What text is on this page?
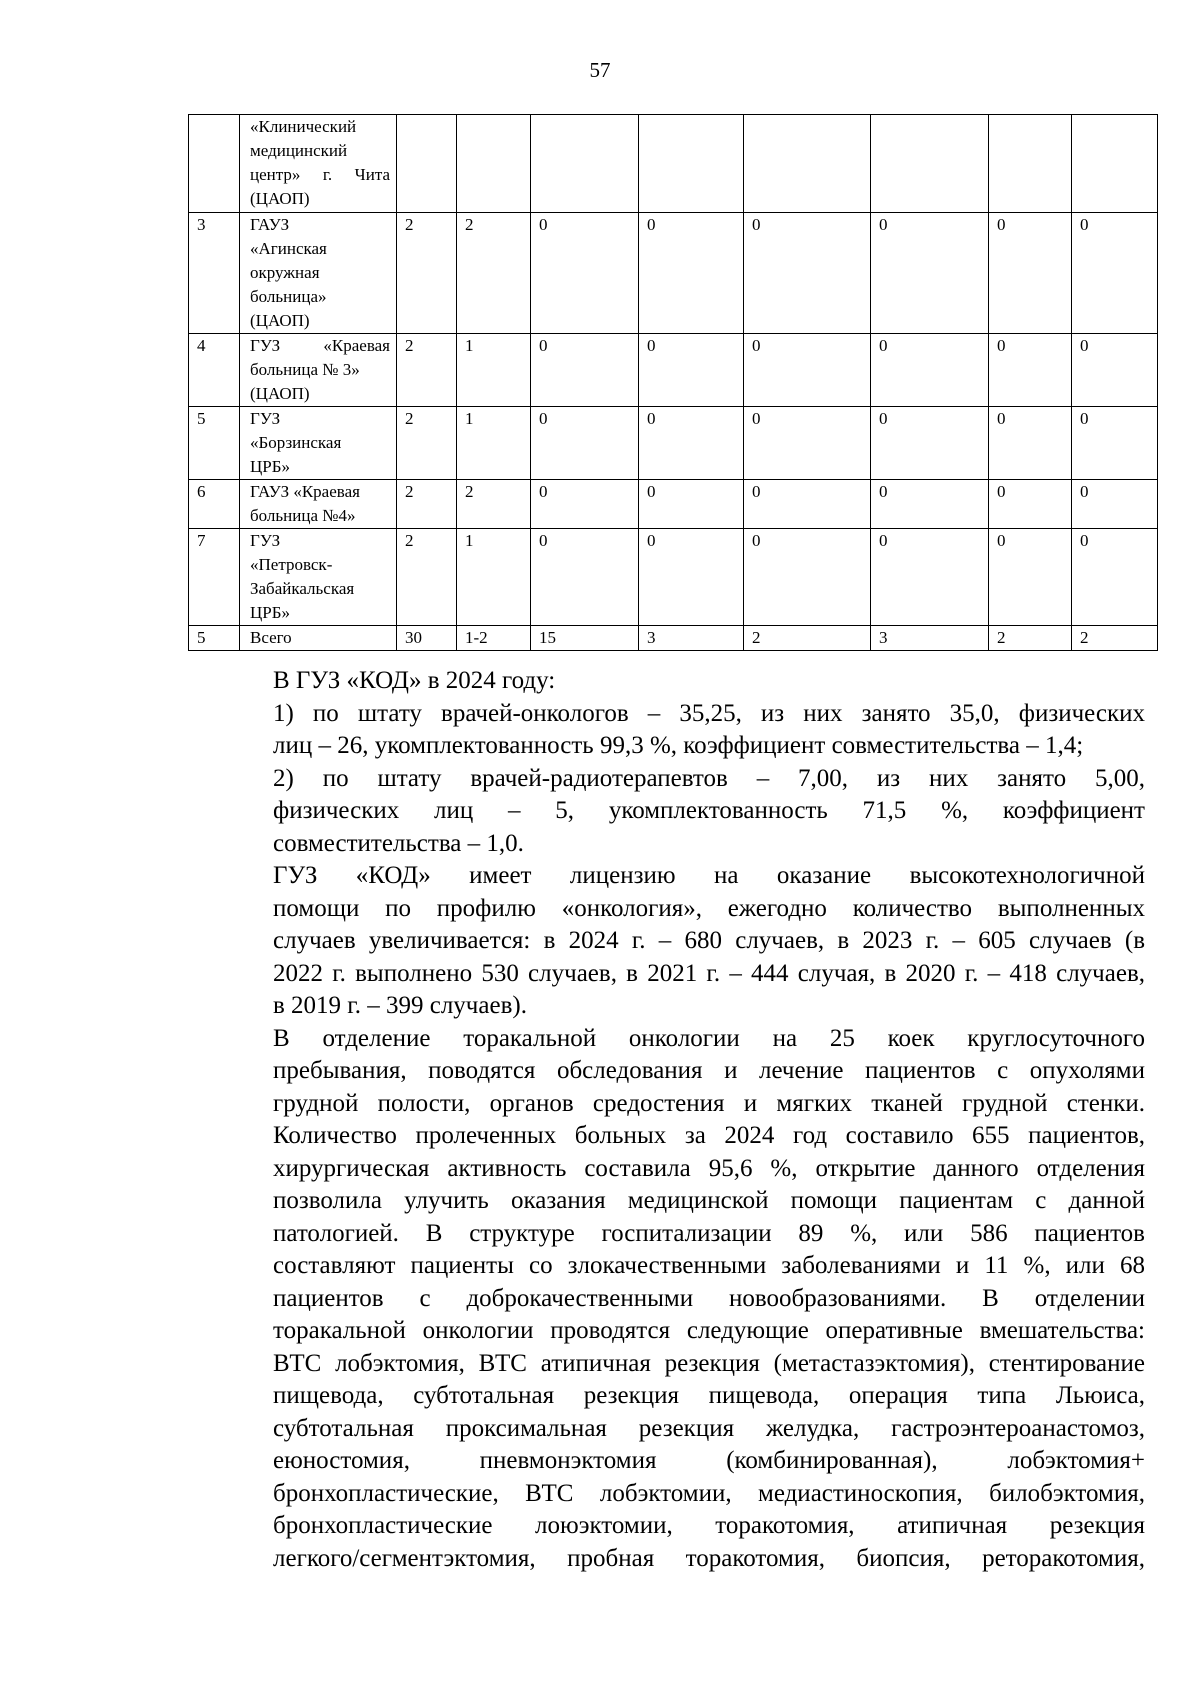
57

	«Клинический
медицинский
центр» г. Чита
(ЦАОП)								

3	ГАУЗ
«Агинская
окружная
больница»
(ЦАОП)	2	2	0	0	0	0	0	0
4	ГУЗ «Краевая
больница № 3»
(ЦАОП)	2	1	0	0	0	0	0	0
5	ГУЗ
«Борзинская
ЦРБ»	2	1	0	0	0	0	0	0
6	ГАУЗ «Краевая
больница №4»	2	2	0	0	0	0	0	0
7	ГУЗ
«Петровск-
Забайкальская
ЦРБ»	2	1	0	0	0	0	0	0
5	Всего	30	1-2	15	3	2	3	2	2

В ГУЗ «КОД» в 2024 году:

1) по штату врачей-онкологов – 35,25, из них занято 35,0, физических
лиц – 26, укомплектованность 99,3 %, коэффициент совместительства – 1,4;

2) по штату врачей-радиотерапевтов – 7,00, из них занято 5,00,
физических лиц – 5, укомплектованность 71,5 %, коэффициент
совместительства – 1,0.

ГУЗ «КОД» имеет лицензию на оказание высокотехнологичной
помощи по профилю «онкология», ежегодно количество выполненных
случаев увеличивается: в 2024 г. – 680 случаев, в 2023 г. – 605 случаев (в
2022 г. выполнено 530 случаев, в 2021 г. – 444 случая, в 2020 г. – 418 случаев,
в 2019 г. – 399 случаев).

В отделение торакальной онкологии на 25 коек круглосуточного
пребывания, поводятся обследования и лечение пациентов с опухолями
грудной полости, органов средостения и мягких тканей грудной стенки.
Количество пролеченных больных за 2024 год составило 655 пациентов,
хирургическая активность составила 95,6 %, открытие данного отделения
позволила улучить оказания медицинской помощи пациентам с данной
патологией. В структуре госпитализации 89 %, или 586 пациентов
составляют пациенты со злокачественными заболеваниями и 11 %, или 68
пациентов с доброкачественными новообразованиями. В отделении
торакальной онкологии проводятся следующие оперативные вмешательства:
ВТС лобэктомия, ВТС атипичная резекция (метастазэктомия), стентирование
пищевода, субтотальная резекция пищевода, операция типа Льюиса,
субтотальная проксимальная резекция желудка, гастроэнтероанастомоз,
еюностомия, пневмонэктомия (комбинированная), лобэктомия+
бронхопластические, ВТС лобэктомии, медиастиноскопия, билобэктомия,
бронхопластические лоюэктомии, торакотомия, атипичная резекция
легкого/сегментэктомия, пробная торакотомия, биопсия, реторакотомия,
